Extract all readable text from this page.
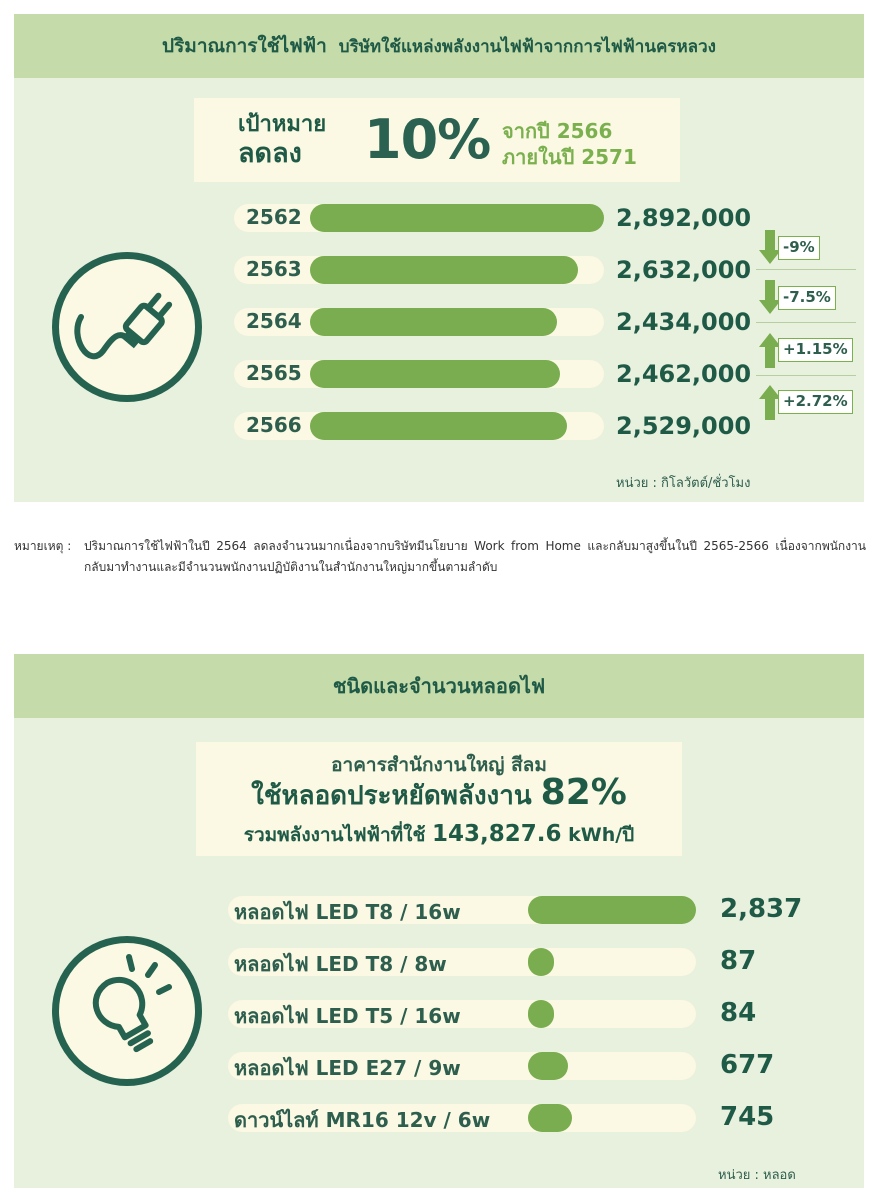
ปริมาณการใช้ไฟฟ้า บริษัทใช้แหล่งพลังงานไฟฟ้าจากการไฟฟ้านครหลวง
เป้าหมาย
ลดลง	10% จากปี 2566
ภายในปี 2571
2562
2563
2564
2565
2566
2,892,000
2,632,000
2,434,000
2,462,000
2,529,000
-9%
-7.5%
+1.15%
+2.72%
หน่วย : กิโลวัตต์/ชั่วโมง
หมายเหตุ : ปริมาณการใช้ไฟฟ้าในปี 2564 ลดลงจำนวนมากเนื่องจากบริษัทมีนโยบาย Work from Home และกลับมาสูงขึ้นในปี 2565-2566 เนื่องจากพนักงานกลับมาทำงานและมีจำนวนพนักงานปฏิบัติงานในสำนักงานใหญ่มากขึ้นตามลำดับ
ชนิดและจำนวนหลอดไฟ
อาคารสำนักงานใหญ่ สีลม
ใช้หลอดประหยัดพลังงาน 82%
รวมพลังงานไฟฟ้าที่ใช้ 143,827.6 kWh/ปี
หลอดไฟ LED T8 / 16w
หลอดไฟ LED T8 / 8w
หลอดไฟ LED T5 / 16w
หลอดไฟ LED E27 / 9w
ดาวน์ไลท์ MR16 12v / 6w
2,837
87
84
677
745
หน่วย : หลอด
